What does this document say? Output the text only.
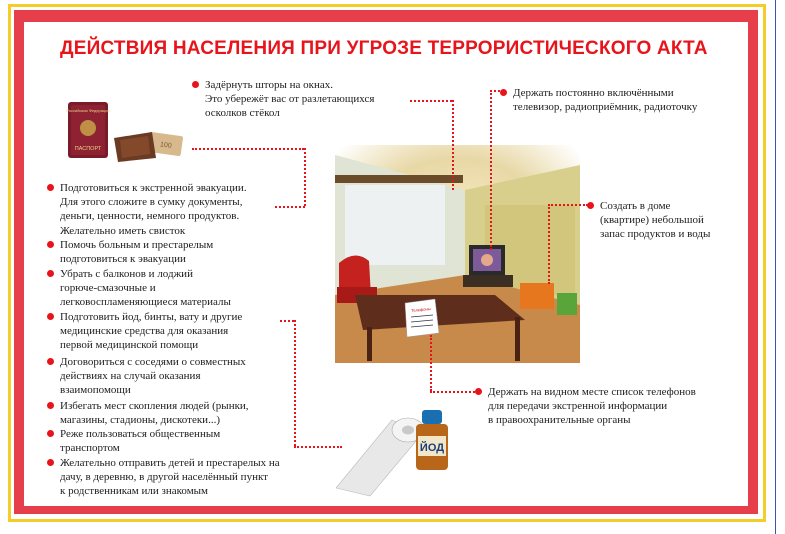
ДЕЙСТВИЯ НАСЕЛЕНИЯ ПРИ УГРОЗЕ ТЕРРОРИСТИЧЕСКОГО АКТА
Российская Федерация
ПАСПОРТ	100
Телефоны
ЙОД
Задёрнуть шторы на окнах.
Это убережёт вас от разлетающихся
осколков стёкол
Подготовиться к экстренной эвакуации.
Для этого сложите в сумку документы,
деньги, ценности, немного продуктов.
Желательно иметь свисток
Помочь больным и престарелым
подготовиться к эвакуации
Убрать с балконов и лоджий
горюче-смазочные и
легковоспламеняющиеся материалы
Подготовить йод, бинты, вату и другие
медицинские средства для оказания
первой медицинской помощи
Договориться с соседями о совместных
действиях на случай оказания
взаимопомощи
Избегать мест скопления людей (рынки,
магазины, стадионы, дискотеки...)
Реже пользоваться общественным
транспортом
Желательно отправить детей и престарелых на
дачу, в деревню, в другой населённый пункт
к родственникам или знакомым
Держать постоянно включёнными
телевизор, радиоприёмник, радиоточку
Создать в доме
(квартире) небольшой
запас продуктов и воды
Держать на видном месте список телефонов
для передачи экстренной информации
в правоохранительные органы
